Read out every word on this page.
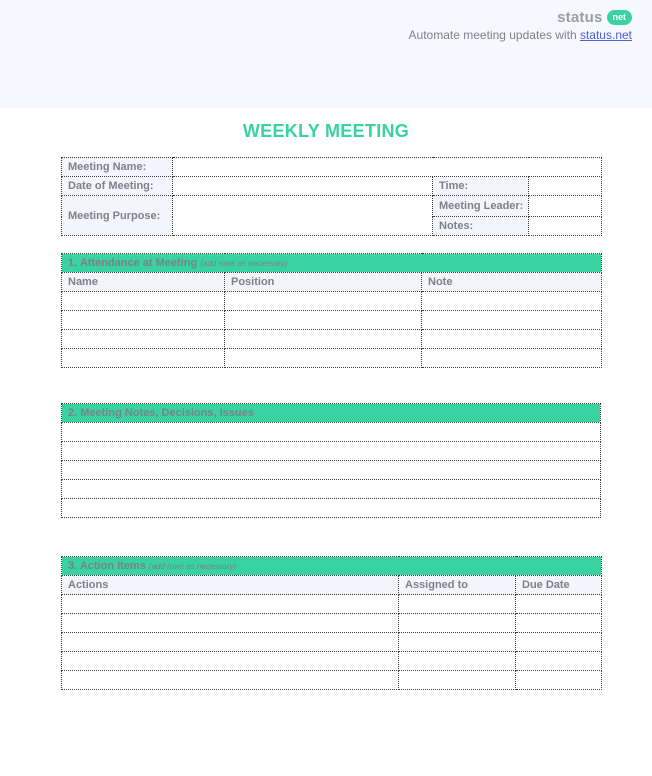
status	net
Automate meeting updates with status.net
WEEKLY MEETING
Meeting Name:			
Date of Meeting:		Time:	
Meeting Purpose:		Meeting Leader:	
		Notes:	
1. Attendance at Meeting (add rows as necessary)		
Name	Position	Note

2. Meeting Notes, Decisions, Issues

3. Action Items (add rows as necessary)		
Actions	Assigned to	Due Date
